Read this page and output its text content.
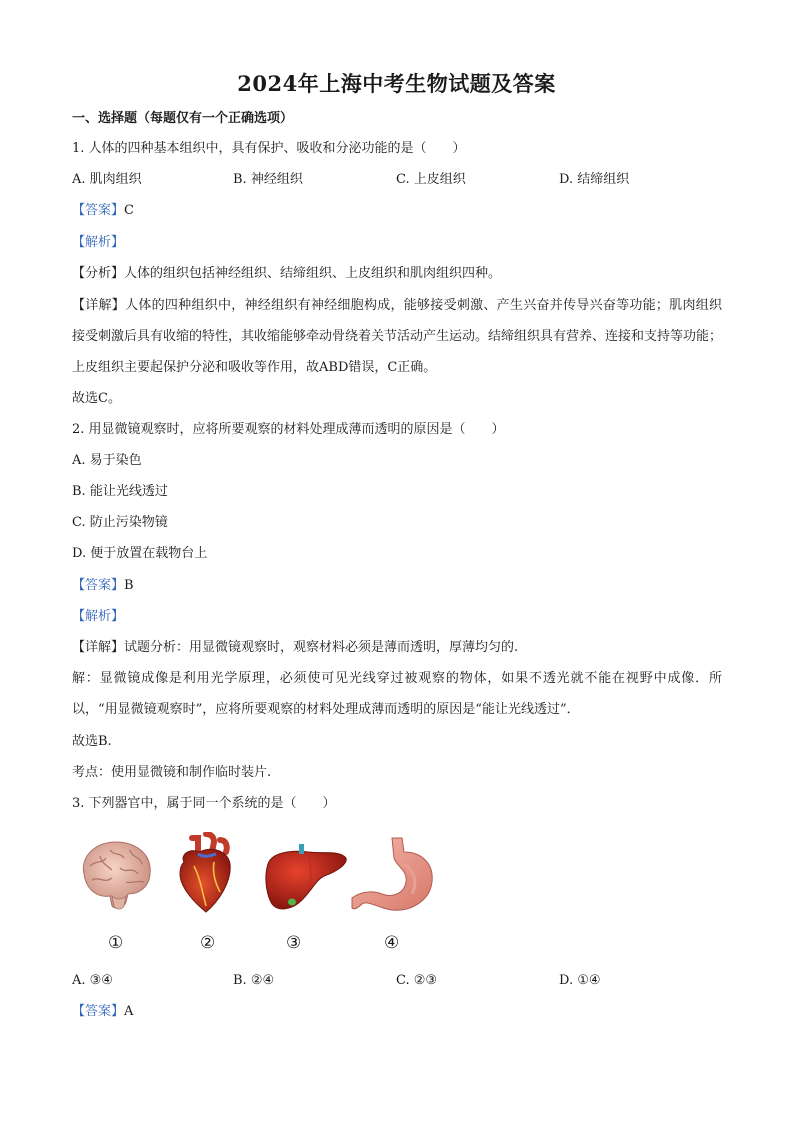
2024年上海中考生物试题及答案
一、选择题（每题仅有一个正确选项）
1. 人体的四种基本组织中，具有保护、吸收和分泌功能的是（　　）
A. 肌肉组织	B. 神经组织	C. 上皮组织	D. 结缔组织
【答案】C
【解析】
【分析】人体的组织包括神经组织、结缔组织、上皮组织和肌肉组织四种。
【详解】人体的四种组织中，神经组织有神经细胞构成，能够接受刺激、产生兴奋并传导兴奋等功能；肌肉组织接受刺激后具有收缩的特性，其收缩能够牵动骨绕着关节活动产生运动。结缔组织具有营养、连接和支持等功能；上皮组织主要起保护分泌和吸收等作用，故ABD错误，C正确。
故选C。
2. 用显微镜观察时，应将所要观察的材料处理成薄而透明的原因是（　　）
A. 易于染色
B. 能让光线透过
C. 防止污染物镜
D. 便于放置在载物台上
【答案】B
【解析】
【详解】试题分析：用显微镜观察时，观察材料必须是薄而透明，厚薄均匀的.
解：显微镜成像是利用光学原理，必须使可见光线穿过被观察的物体，如果不透光就不能在视野中成像．所以，“用显微镜观察时”，应将所要观察的材料处理成薄而透明的原因是“能让光线透过”．
故选B.
考点：使用显微镜和制作临时装片.
3. 下列器官中，属于同一个系统的是（　　）
①	②	③	④
A. ③④	B. ②④	C. ②③	D. ①④
【答案】A
